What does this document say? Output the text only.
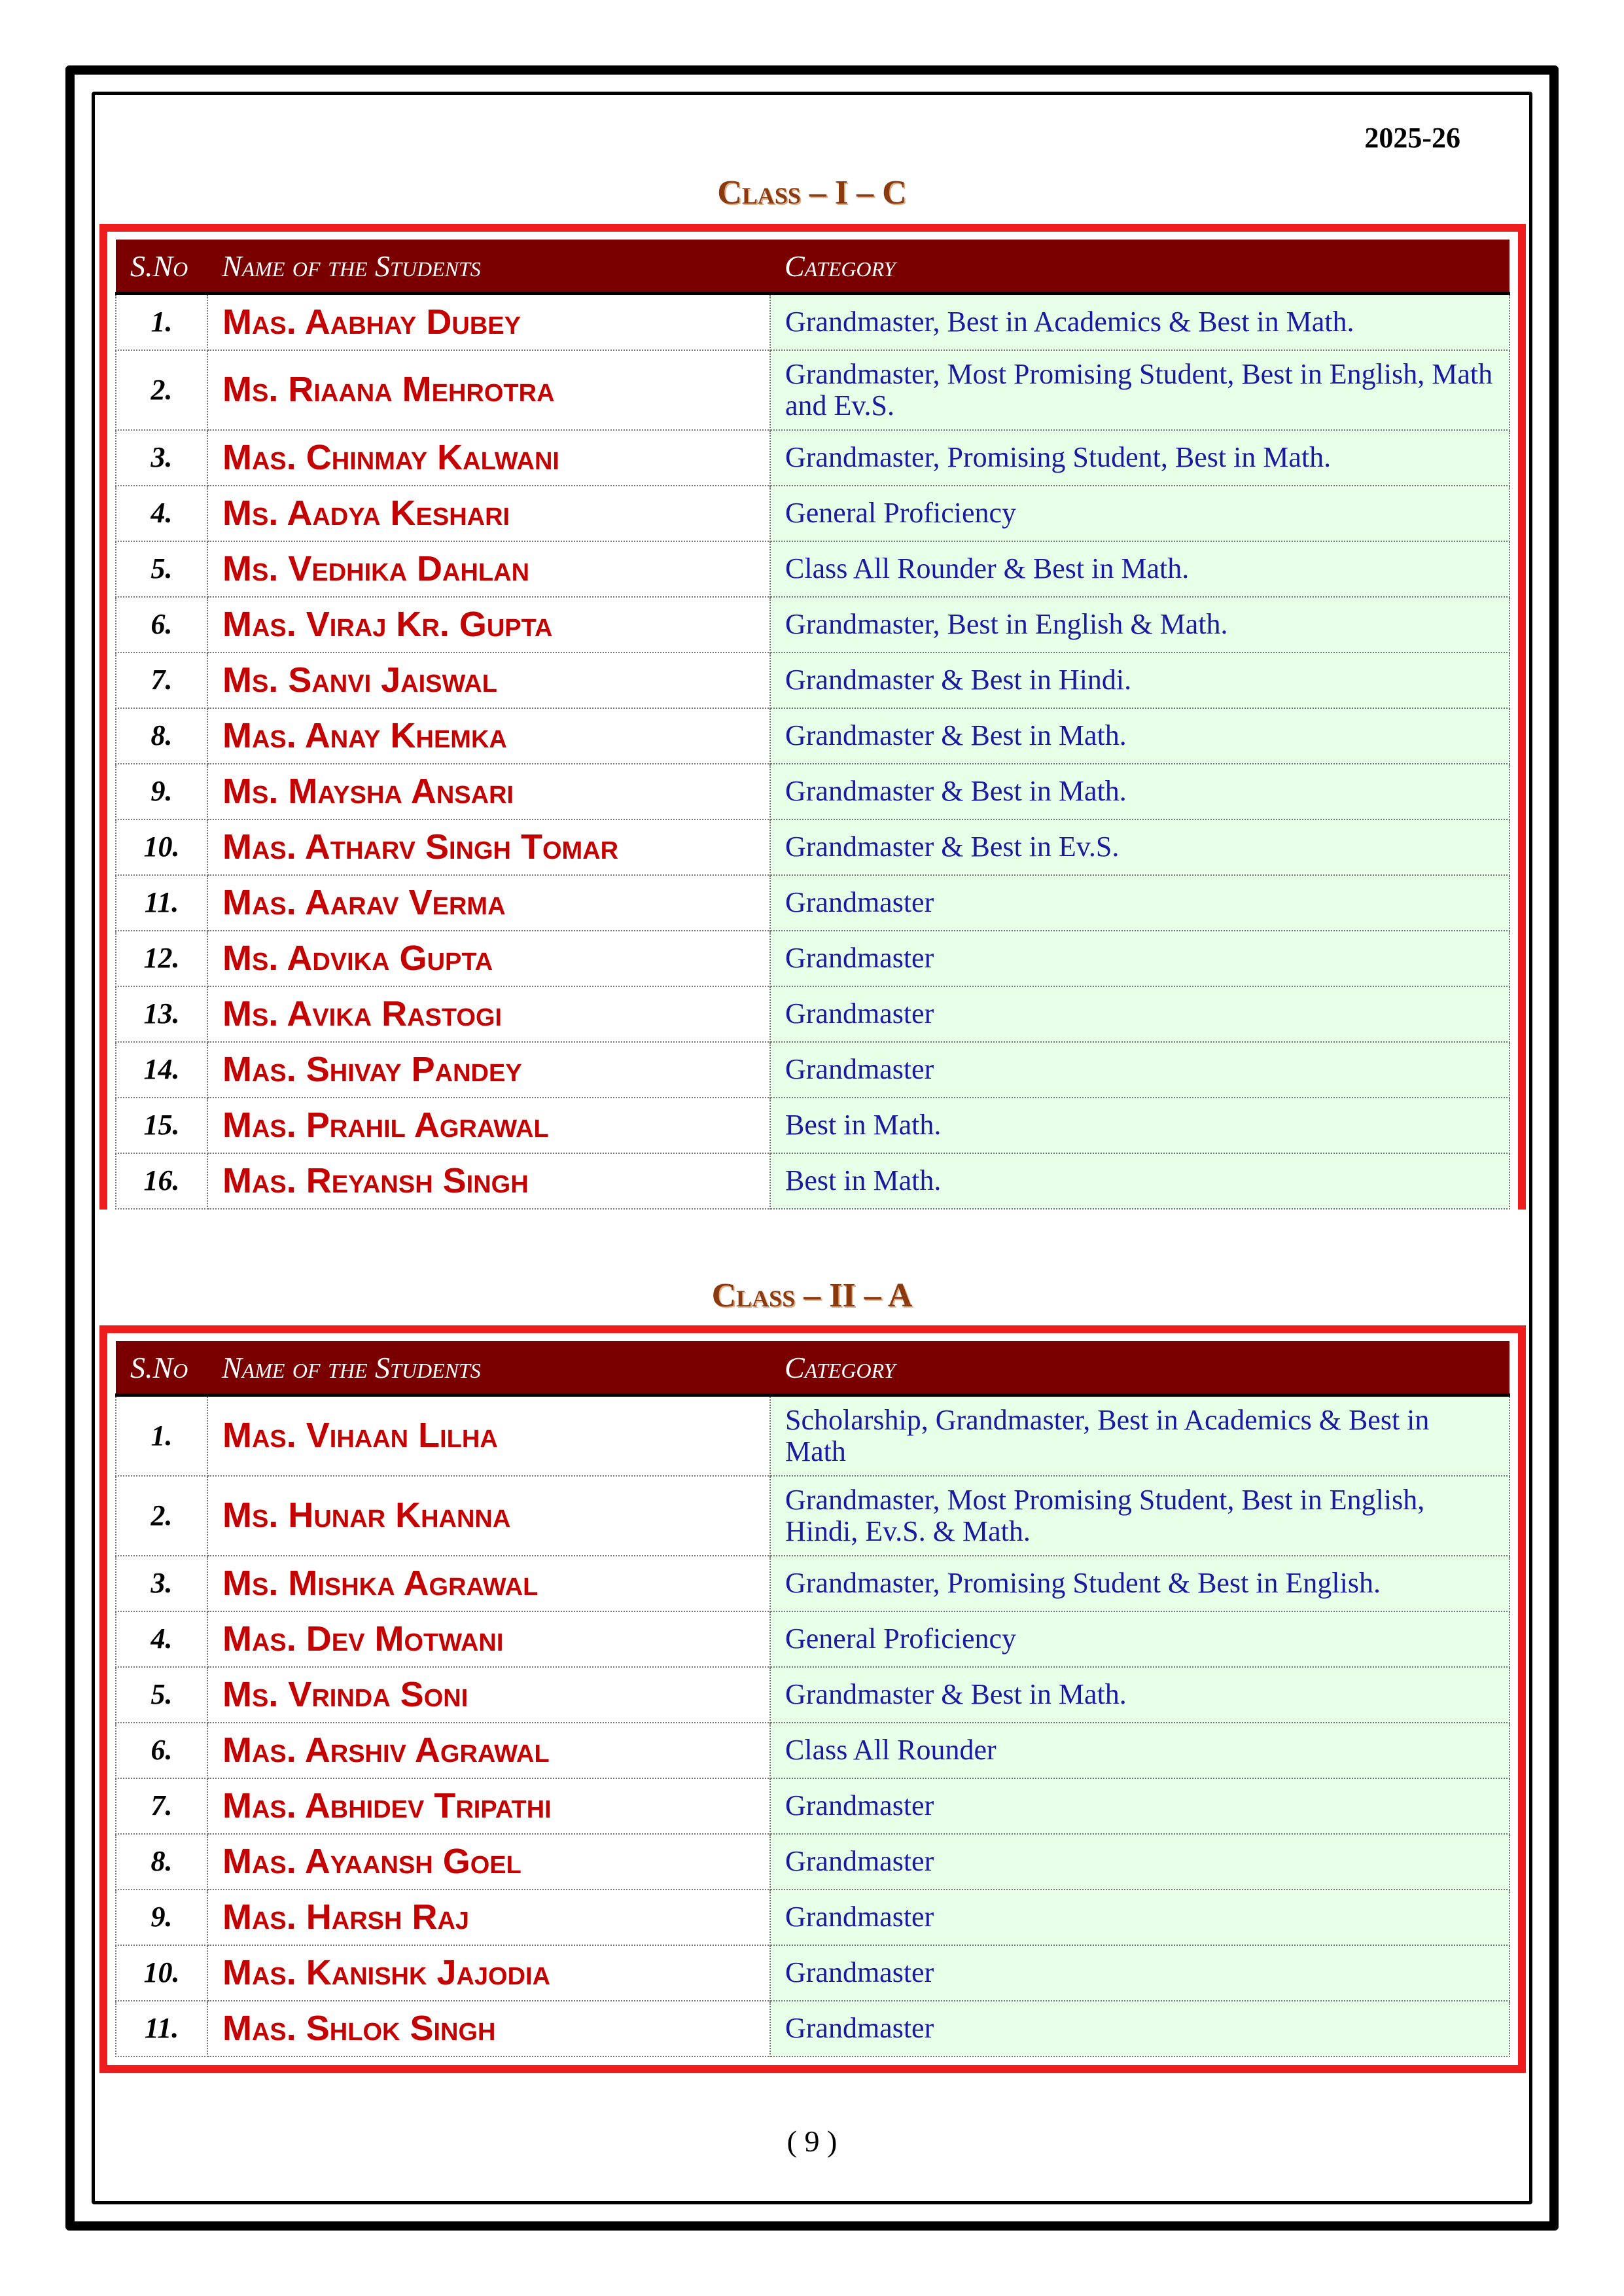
2025-26
Class – I – C
S.No	Name of the Students	Category
1.	Mas. Aabhay Dubey	Grandmaster, Best in Academics & Best in Math.
2.	Ms. Riaana Mehrotra	Grandmaster, Most Promising Student, Best in English, Math and Ev.S.
3.	Mas. Chinmay Kalwani	Grandmaster, Promising Student, Best in Math.
4.	Ms. Aadya Keshari	General Proficiency
5.	Ms. Vedhika Dahlan	Class All Rounder & Best in Math.
6.	Mas. Viraj Kr. Gupta	Grandmaster, Best in English & Math.
7.	Ms. Sanvi Jaiswal	Grandmaster & Best in Hindi.
8.	Mas. Anay Khemka	Grandmaster & Best in Math.
9.	Ms. Maysha Ansari	Grandmaster & Best in Math.
10.	Mas. Atharv Singh Tomar	Grandmaster & Best in Ev.S.
11.	Mas. Aarav Verma	Grandmaster
12.	Ms. Advika Gupta	Grandmaster
13.	Ms. Avika Rastogi	Grandmaster
14.	Mas. Shivay Pandey	Grandmaster
15.	Mas. Prahil Agrawal	Best in Math.
16.	Mas. Reyansh Singh	Best in Math.
Class – II – A
S.No	Name of the Students	Category
1.	Mas. Vihaan Lilha	Scholarship, Grandmaster, Best in Academics & Best in Math
2.	Ms. Hunar Khanna	Grandmaster, Most Promising Student, Best in English, Hindi, Ev.S. & Math.
3.	Ms. Mishka Agrawal	Grandmaster, Promising Student & Best in English.
4.	Mas. Dev Motwani	General Proficiency
5.	Ms. Vrinda Soni	Grandmaster & Best in Math.
6.	Mas. Arshiv Agrawal	Class All Rounder
7.	Mas. Abhidev Tripathi	Grandmaster
8.	Mas. Ayaansh Goel	Grandmaster
9.	Mas. Harsh Raj	Grandmaster
10.	Mas. Kanishk Jajodia	Grandmaster
11.	Mas. Shlok Singh	Grandmaster
( 9 )
